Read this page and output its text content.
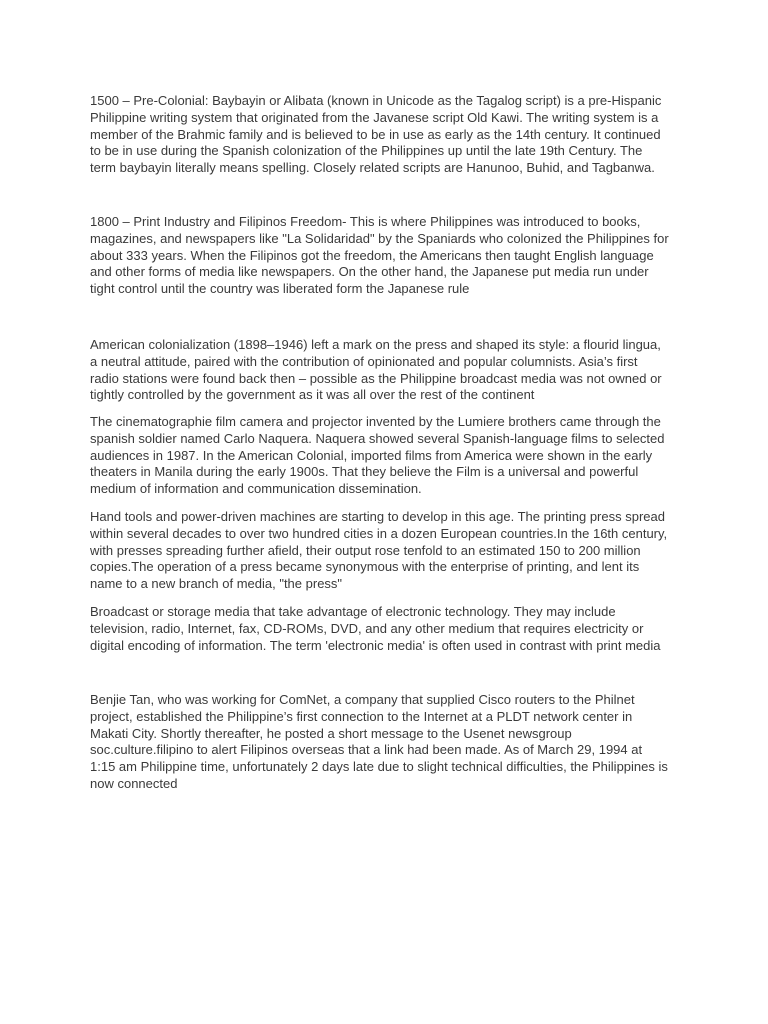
1500 – Pre-Colonial: Baybayin or Alibata (known in Unicode as the Tagalog script) is a pre-Hispanic
Philippine writing system that originated from the Javanese script Old Kawi. The writing system is a
member of the Brahmic family and is believed to be in use as early as the 14th century. It continued
to be in use during the Spanish colonization of the Philippines up until the late 19th Century. The
term baybayin literally means spelling. Closely related scripts are Hanunoo, Buhid, and Tagbanwa.

1800 – Print Industry and Filipinos Freedom- This is where Philippines was introduced to books,
magazines, and newspapers like "La Solidaridad" by the Spaniards who colonized the Philippines for
about 333 years. When the Filipinos got the freedom, the Americans then taught English language
and other forms of media like newspapers. On the other hand, the Japanese put media run under
tight control until the country was liberated form the Japanese rule

American colonialization (1898–1946) left a mark on the press and shaped its style: a flourid lingua,
a neutral attitude, paired with the contribution of opinionated and popular columnists. Asia’s first
radio stations were found back then – possible as the Philippine broadcast media was not owned or
tightly controlled by the government as it was all over the rest of the continent

The cinematographie film camera and projector invented by the Lumiere brothers came through the
spanish soldier named Carlo Naquera. Naquera showed several Spanish-language films to selected
audiences in 1987. In the American Colonial, imported films from America were shown in the early
theaters in Manila during the early 1900s. That they believe the Film is a universal and powerful
medium of information and communication dissemination.

Hand tools and power-driven machines are starting to develop in this age. The printing press spread
within several decades to over two hundred cities in a dozen European countries.In the 16th century,
with presses spreading further afield, their output rose tenfold to an estimated 150 to 200 million
copies.The operation of a press became synonymous with the enterprise of printing, and lent its
name to a new branch of media, "the press"

Broadcast or storage media that take advantage of electronic technology. They may include
television, radio, Internet, fax, CD-ROMs, DVD, and any other medium that requires electricity or
digital encoding of information. The term 'electronic media' is often used in contrast with print media

Benjie Tan, who was working for ComNet, a company that supplied Cisco routers to the Philnet
project, established the Philippine’s first connection to the Internet at a PLDT network center in
Makati City. Shortly thereafter, he posted a short message to the Usenet newsgroup
soc.culture.filipino to alert Filipinos overseas that a link had been made. As of March 29, 1994 at
1:15 am Philippine time, unfortunately 2 days late due to slight technical difficulties, the Philippines is
now connected
